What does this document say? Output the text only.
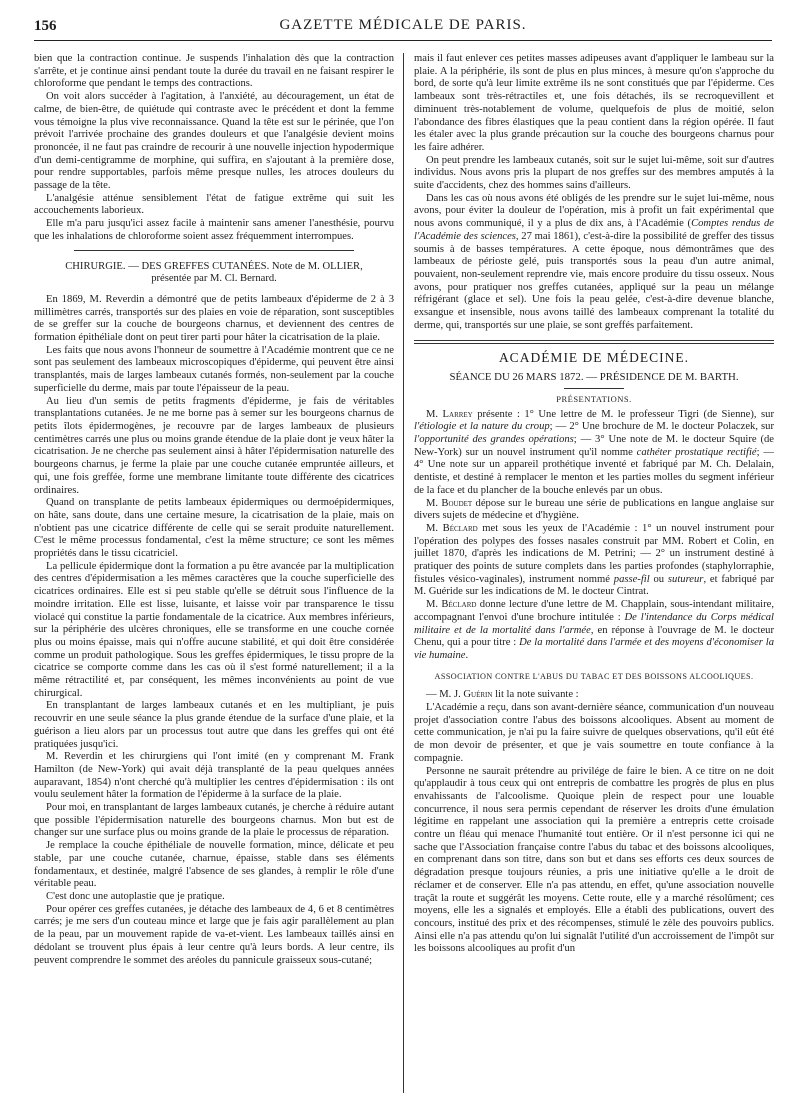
156	GAZETTE MÉDICALE DE PARIS.

bien que la contraction continue. Je suspends l'inhalation dès que la contraction s'arrête, et je continue ainsi pendant toute la durée du travail en ne faisant respirer le chloroforme que pendant le temps des contractions.

On voit alors succéder à l'agitation, à l'anxiété, au découragement, un état de calme, de bien-être, de quiétude qui contraste avec le précédent et dont la femme vous témoigne la plus vive reconnaissance. Quand la tête est sur le périnée, que l'on prévoit l'arrivée prochaine des grandes douleurs et que l'analgésie devient moins prononcée, il ne faut pas craindre de recourir à une nouvelle injection hypodermique d'un demi-centigramme de morphine, qui suffira, en s'ajoutant à la première dose, pour rendre supportables, parfois même presque nulles, les atroces douleurs du passage de la tête.

L'analgésie atténue sensiblement l'état de fatigue extrême qui suit les accouchements laborieux.

Elle m'a paru jusqu'ici assez facile à maintenir sans amener l'anesthésie, pourvu que les inhalations de chloroforme soient assez fréquemment interrompues.

CHIRURGIE. — DES GREFFES CUTANÉES. Note de M. OLLIER,
présentée par M. Cl. Bernard.

En 1869, M. Reverdin a démontré que de petits lambeaux d'épiderme de 2 à 3 millimètres carrés, transportés sur des plaies en voie de réparation, sont susceptibles de se greffer sur la couche de bourgeons charnus, et deviennent des centres de formation épithéliale dont on peut tirer parti pour hâter la cicatrisation de la plaie.

Les faits que nous avons l'honneur de soumettre à l'Académie montrent que ce ne sont pas seulement des lambeaux microscopiques d'épiderme, qui peuvent être ainsi transplantés, mais de larges lambeaux cutanés formés, non-seulement par la couche superficielle du derme, mais par toute l'épaisseur de la peau.

Au lieu d'un semis de petits fragments d'épiderme, je fais de véritables transplantations cutanées. Je ne me borne pas à semer sur les bourgeons charnus de petits îlots épidermogènes, je recouvre par de larges lambeaux de plusieurs centimètres carrés une plus ou moins grande étendue de la plaie dont je veux hâter la cicatrisation. Je ne cherche pas seulement ainsi à hâter l'épidermisation naturelle des bourgeons charnus, je ferme la plaie par une couche cutanée empruntée ailleurs, et qui, une fois greffée, forme une membrane limitante toute différente des cicatrices ordinaires.

Quand on transplante de petits lambeaux épidermiques ou dermoépidermiques, on hâte, sans doute, dans une certaine mesure, la cicatrisation de la plaie, mais on n'obtient pas une cicatrice différente de celle qui se serait produite naturellement. C'est le même processus fondamental, c'est la même structure; ce sont les mêmes propriétés dans le tissu cicatriciel.

La pellicule épidermique dont la formation a pu être avancée par la multiplication des centres d'épidermisation a les mêmes caractères que la couche superficielle des cicatrices ordinaires. Elle est si peu stable qu'elle se détruit sous l'influence de la moindre irritation. Elle est lisse, luisante, et laisse voir par transparence le tissu violacé qui constitue la partie fondamentale de la cicatrice. Aux membres inférieurs, sur la périphérie des ulcères chroniques, elle se transforme en une couche cornée plus ou moins épaisse, mais qui n'offre aucune stabilité, et qui doit être considérée comme un produit pathologique. Sous les greffes épidermiques, le tissu propre de la cicatrice se comporte comme dans les cas où il s'est formé naturellement; il a la même rétractilité et, par conséquent, les mêmes inconvénients au point de vue chirurgical.

En transplantant de larges lambeaux cutanés et en les multipliant, je puis recouvrir en une seule séance la plus grande étendue de la surface d'une plaie, et la guérison a lieu alors par un processus tout autre que dans les greffes qui ont été pratiquées jusqu'ici.

M. Reverdin et les chirurgiens qui l'ont imité (en y comprenant M. Frank Hamilton (de New-York) qui avait déjà transplanté de la peau quelques années auparavant, 1854) n'ont cherché qu'à multiplier les centres d'épidermisation : ils ont voulu seulement hâter la formation de l'épiderme à la surface de la plaie.

Pour moi, en transplantant de larges lambeaux cutanés, je cherche à réduire autant que possible l'épidermisation naturelle des bourgeons charnus. Mon but est de changer sur une surface plus ou moins grande de la plaie le processus de réparation.

Je remplace la couche épithéliale de nouvelle formation, mince, délicate et peu stable, par une couche cutanée, charnue, épaisse, stable dans ses éléments fondamentaux, et destinée, malgré l'absence de ses glandes, à remplir le rôle d'une véritable peau.

C'est donc une autoplastie que je pratique.

Pour opérer ces greffes cutanées, je détache des lambeaux de 4, 6 et 8 centimètres carrés; je me sers d'un couteau mince et large que je fais agir parallèlement au plan de la peau, par un mouvement rapide de va-et-vient. Les lambeaux taillés ainsi en dédolant se trouvent plus épais à leur centre qu'à leurs bords. A leur centre, ils peuvent comprendre le sommet des aréoles du pannicule graisseux sous-cutané;

mais il faut enlever ces petites masses adipeuses avant d'appliquer le lambeau sur la plaie. A la périphérie, ils sont de plus en plus minces, à mesure qu'on s'approche du bord, de sorte qu'à leur limite extrême ils ne sont constitués que par l'épiderme. Ces lambeaux sont très-rétractiles et, une fois détachés, ils se recroquevillent et diminuent très-notablement de volume, quelquefois de plus de moitié, selon l'abondance des fibres élastiques que la peau contient dans la région opérée. Il faut les étaler avec la plus grande précaution sur la couche des bourgeons charnus pour les faire adhérer.

On peut prendre les lambeaux cutanés, soit sur le sujet lui-même, soit sur d'autres individus. Nous avons pris la plupart de nos greffes sur des membres amputés à la suite d'accidents, chez des hommes sains d'ailleurs.

Dans les cas où nous avons été obligés de les prendre sur le sujet lui-même, nous avons, pour éviter la douleur de l'opération, mis à profit un fait expérimental que nous avons communiqué, il y a plus de dix ans, à l'Académie (Comptes rendus de l'Académie des sciences, 27 mai 1861), c'est-à-dire la possibilité de greffer des tissus soumis à de basses températures. A cette époque, nous démontrâmes que des lambeaux de périoste gelé, puis transportés sous la peau d'un autre animal, pouvaient, non-seulement reprendre vie, mais encore produire du tissu osseux. Nous avons, pour pratiquer nos greffes cutanées, appliqué sur la peau un mélange réfrigérant (glace et sel). Une fois la peau gelée, c'est-à-dire devenue blanche, exsangue et insensible, nous avons taillé des lambeaux comprenant la totalité du derme, qui, transportés sur une plaie, se sont greffés parfaitement.

ACADÉMIE DE MÉDECINE.
SÉANCE DU 26 MARS 1872. — PRÉSIDENCE DE M. BARTH.
PRÉSENTATIONS.

M. Larrey présente : 1° Une lettre de M. le professeur Tigri (de Sienne), sur l'étiologie et la nature du croup; — 2° Une brochure de M. le docteur Polaczek, sur l'opportunité des grandes opérations; — 3° Une note de M. le docteur Squire (de New-York) sur un nouvel instrument qu'il nomme cathéter prostatique rectifié; — 4° Une note sur un appareil prothétique inventé et fabriqué par M. Ch. Delalain, dentiste, et destiné à remplacer le menton et les parties molles du segment inférieur de la face et du plancher de la bouche enlevés par un obus.

M. Boudet dépose sur le bureau une série de publications en langue anglaise sur divers sujets de médecine et d'hygiène.

M. Béclard met sous les yeux de l'Académie : 1° un nouvel instrument pour l'opération des polypes des fosses nasales construit par MM. Robert et Colin, en juillet 1870, d'après les indications de M. Petrini; — 2° un instrument destiné à pratiquer des points de suture complets dans les parties profondes (staphylorraphie, fistules vésico-vaginales), instrument nommé passe-fil ou sutureur, et fabriqué par M. Guéride sur les indications de M. le docteur Cintrat.

M. Béclard donne lecture d'une lettre de M. Chapplain, sous-intendant militaire, accompagnant l'envoi d'une brochure intitulée : De l'intendance du Corps médical militaire et de la mortalité dans l'armée, en réponse à l'ouvrage de M. le docteur Chenu, qui a pour titre : De la mortalité dans l'armée et des moyens d'économiser la vie humaine.

ASSOCIATION CONTRE L'ABUS DU TABAC ET DES BOISSONS ALCOOLIQUES.

— M. J. Guérin lit la note suivante :

L'Académie a reçu, dans son avant-dernière séance, communication d'un nouveau projet d'association contre l'abus des boissons alcooliques. Absent au moment de cette communication, je n'ai pu la faire suivre de quelques observations, qu'il eût été de mon devoir de présenter, et que je vais soumettre en toute confiance à la compagnie.

Personne ne saurait prétendre au privilége de faire le bien. A ce titre on ne doit qu'applaudir à tous ceux qui ont entrepris de combattre les progrès de plus en plus envahissants de l'alcoolisme. Quoique plein de respect pour une louable concurrence, il nous sera permis cependant de réserver les droits d'une émulation légitime en rappelant une association qui la première a entrepris cette croisade contre un fléau qui menace l'humanité tout entière. Or il n'est personne ici qui ne sache que l'Association française contre l'abus du tabac et des boissons alcooliques, en comprenant dans son titre, dans son but et dans ses efforts ces deux sources de dégradation presque toujours réunies, a pris une initiative qu'elle a le droit de réclamer et de conserver. Elle n'a pas attendu, en effet, qu'une association nouvelle traçât la route et suggérât les moyens. Cette route, elle y a marché résolûment; ces moyens, elle les a signalés et employés. Elle a établi des publications, ouvert des concours, institué des prix et des récompenses, stimulé le zèle des pouvoirs publics. Ainsi elle n'a pas attendu qu'on lui signalât l'utilité d'un accroissement de l'impôt sur les boissons alcooliques au profit d'un
